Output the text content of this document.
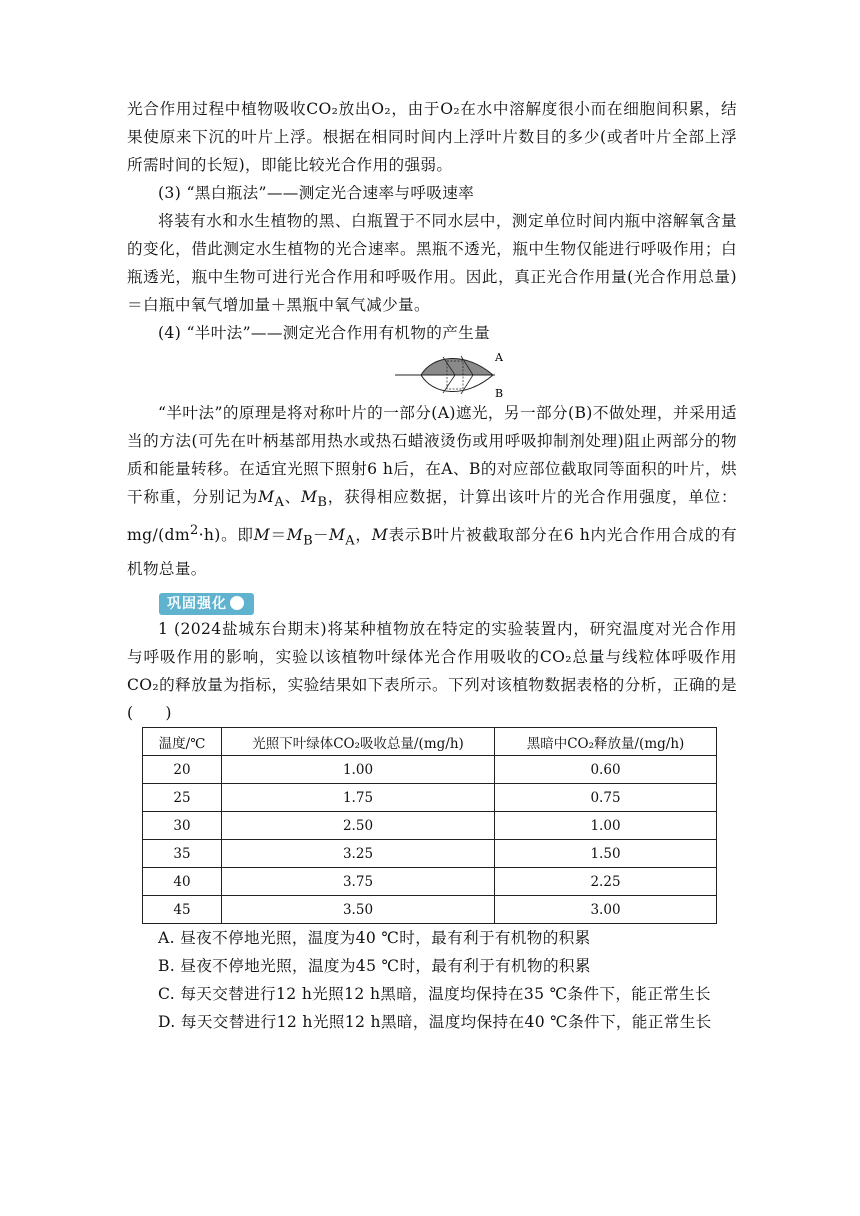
光合作用过程中植物吸收CO₂放出O₂，由于O₂在水中溶解度很小而在细胞间积累，结果使原来下沉的叶片上浮。根据在相同时间内上浮叶片数目的多少(或者叶片全部上浮所需时间的长短)，即能比较光合作用的强弱。

(3) “黑白瓶法”——测定光合速率与呼吸速率

将装有水和水生植物的黑、白瓶置于不同水层中，测定单位时间内瓶中溶解氧含量的变化，借此测定水生植物的光合速率。黑瓶不透光，瓶中生物仅能进行呼吸作用；白瓶透光，瓶中生物可进行光合作用和呼吸作用。因此，真正光合作用量(光合作用总量)＝白瓶中氧气增加量＋黑瓶中氧气减少量。

(4) “半叶法”——测定光合作用有机物的产生量

A
B

“半叶法”的原理是将对称叶片的一部分(A)遮光，另一部分(B)不做处理，并采用适当的方法(可先在叶柄基部用热水或热石蜡液烫伤或用呼吸抑制剂处理)阻止两部分的物质和能量转移。在适宜光照下照射6 h后，在A、B的对应部位截取同等面积的叶片，烘干称重，分别记为$M_A$、$M_B$，获得相应数据，计算出该叶片的光合作用强度，单位：$mg/(dm^2\cdot h)$。即$M=M_B-M_A$，M表示B叶片被截取部分在6 h内光合作用合成的有机物总量。

巩固强化

1 (2024盐城东台期末)将某种植物放在特定的实验装置内，研究温度对光合作用与呼吸作用的影响，实验以该植物叶绿体光合作用吸收的CO₂总量与线粒体呼吸作用CO₂的释放量为指标，实验结果如下表所示。下列对该植物数据表格的分析，正确的是(　　)

温度/℃	光照下叶绿体CO₂吸收总量/(mg/h)	黑暗中CO₂释放量/(mg/h)
20	1.00	0.60
25	1.75	0.75
30	2.50	1.00
35	3.25	1.50
40	3.75	2.25
45	3.50	3.00

A. 昼夜不停地光照，温度为40 ℃时，最有利于有机物的积累

B. 昼夜不停地光照，温度为45 ℃时，最有利于有机物的积累

C. 每天交替进行12 h光照12 h黑暗，温度均保持在35 ℃条件下，能正常生长

D. 每天交替进行12 h光照12 h黑暗，温度均保持在40 ℃条件下，能正常生长
